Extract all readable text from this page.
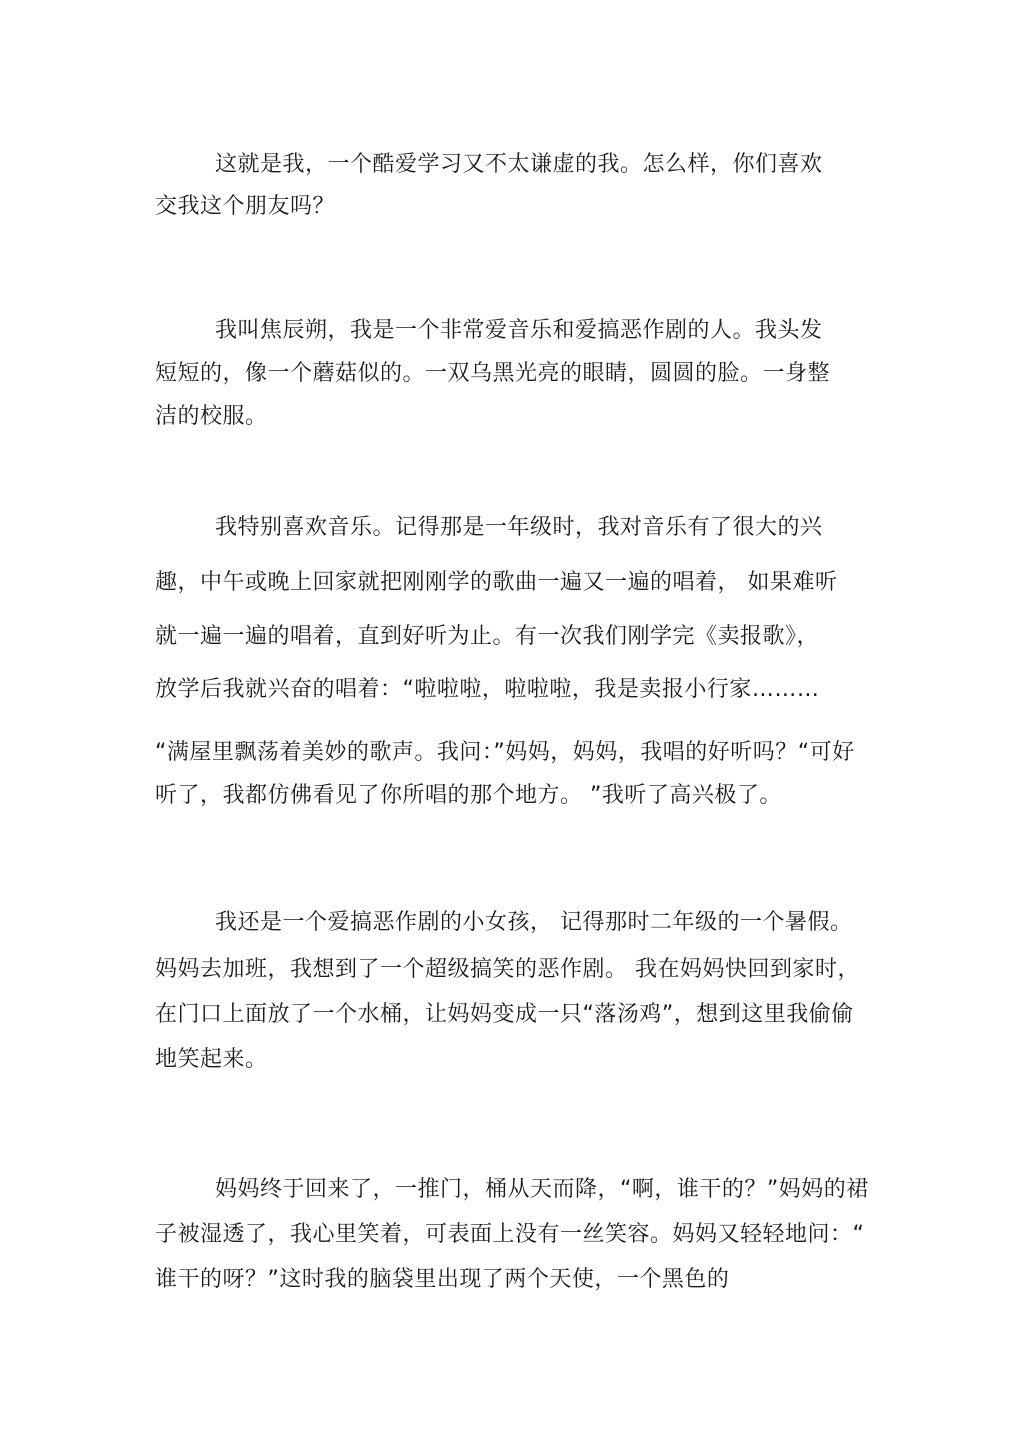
这就是我，一个酷爱学习又不太谦虚的我。怎么样，你们喜欢
交我这个朋友吗？
我叫焦辰朔，我是一个非常爱音乐和爱搞恶作剧的人。我头发
短短的，像一个蘑菇似的。一双乌黑光亮的眼睛，圆圆的脸。一身整
洁的校服。
我特别喜欢音乐。记得那是一年级时，我对音乐有了很大的兴
趣，中午或晚上回家就把刚刚学的歌曲一遍又一遍的唱着， 如果难听
就一遍一遍的唱着，直到好听为止。有一次我们刚学完《卖报歌》，
放学后我就兴奋的唱着：“啦啦啦，啦啦啦，我是卖报小行家………
“满屋里飘荡着美妙的歌声。我问：”妈妈，妈妈，我唱的好听吗？“可好
听了，我都仿佛看见了你所唱的那个地方。 ”我听了高兴极了。
我还是一个爱搞恶作剧的小女孩， 记得那时二年级的一个暑假。
妈妈去加班，我想到了一个超级搞笑的恶作剧。 我在妈妈快回到家时，
在门口上面放了一个水桶，让妈妈变成一只“落汤鸡”，想到这里我偷偷
地笑起来。
妈妈终于回来了，一推门，桶从天而降，“啊，谁干的？”妈妈的裙
子被湿透了，我心里笑着，可表面上没有一丝笑容。妈妈又轻轻地问：“
谁干的呀？”这时我的脑袋里出现了两个天使，一个黑色的
